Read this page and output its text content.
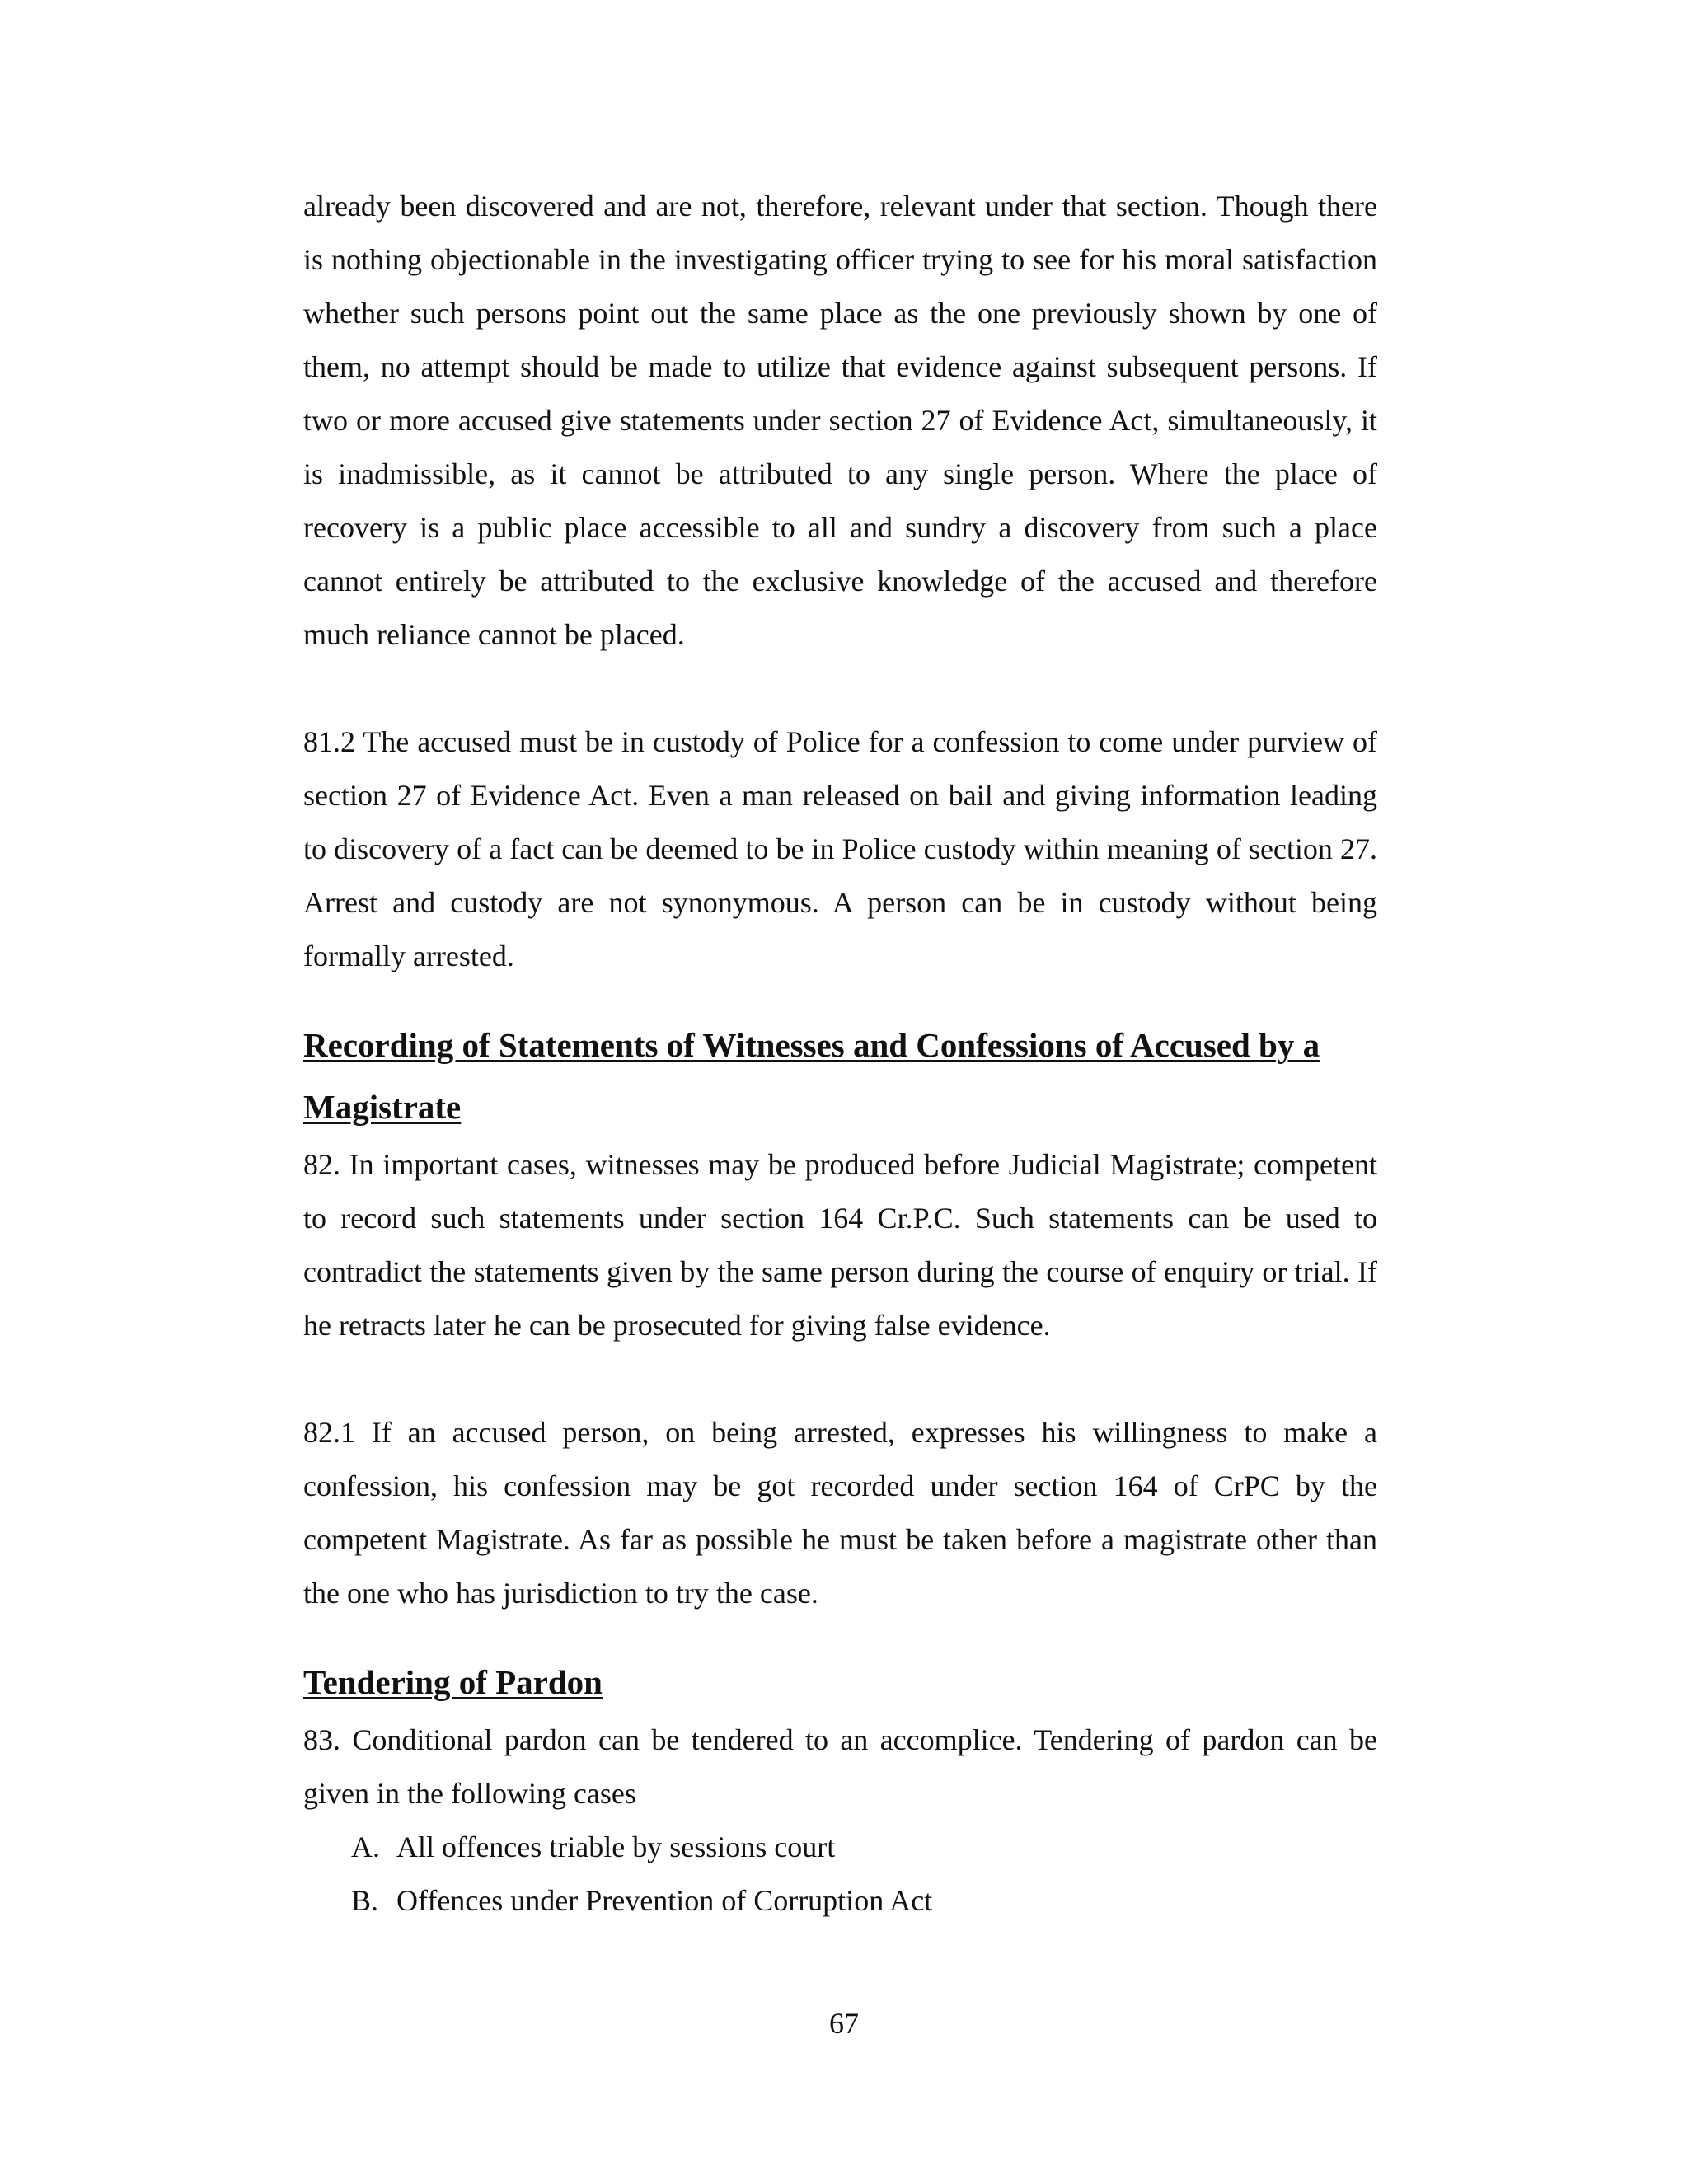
already been discovered and are not, therefore, relevant under that section. Though there is nothing objectionable in the investigating officer trying to see for his moral satisfaction whether such persons point out the same place as the one previously shown by one of them, no attempt should be made to utilize that evidence against subsequent persons. If two or more accused give statements under section 27 of Evidence Act, simultaneously, it is inadmissible, as it cannot be attributed to any single person. Where the place of recovery is a public place accessible to all and sundry a discovery from such a place cannot entirely be attributed to the exclusive knowledge of the accused and therefore much reliance cannot be placed.

81.2 The accused must be in custody of Police for a confession to come under purview of section 27 of Evidence Act. Even a man released on bail and giving information leading to discovery of a fact can be deemed to be in Police custody within meaning of section 27. Arrest and custody are not synonymous. A person can be in custody without being formally arrested.

Recording of Statements of Witnesses and Confessions of Accused by a Magistrate

82. In important cases, witnesses may be produced before Judicial Magistrate; competent to record such statements under section 164 Cr.P.C. Such statements can be used to contradict the statements given by the same person during the course of enquiry or trial. If he retracts later he can be prosecuted for giving false evidence.

82.1 If an accused person, on being arrested, expresses his willingness to make a confession, his confession may be got recorded under section 164 of CrPC by the competent Magistrate. As far as possible he must be taken before a magistrate other than the one who has jurisdiction to try the case.

Tendering of Pardon

83. Conditional pardon can be tendered to an accomplice. Tendering of pardon can be given in the following cases

A. All offences triable by sessions court
B. Offences under Prevention of Corruption Act
67
